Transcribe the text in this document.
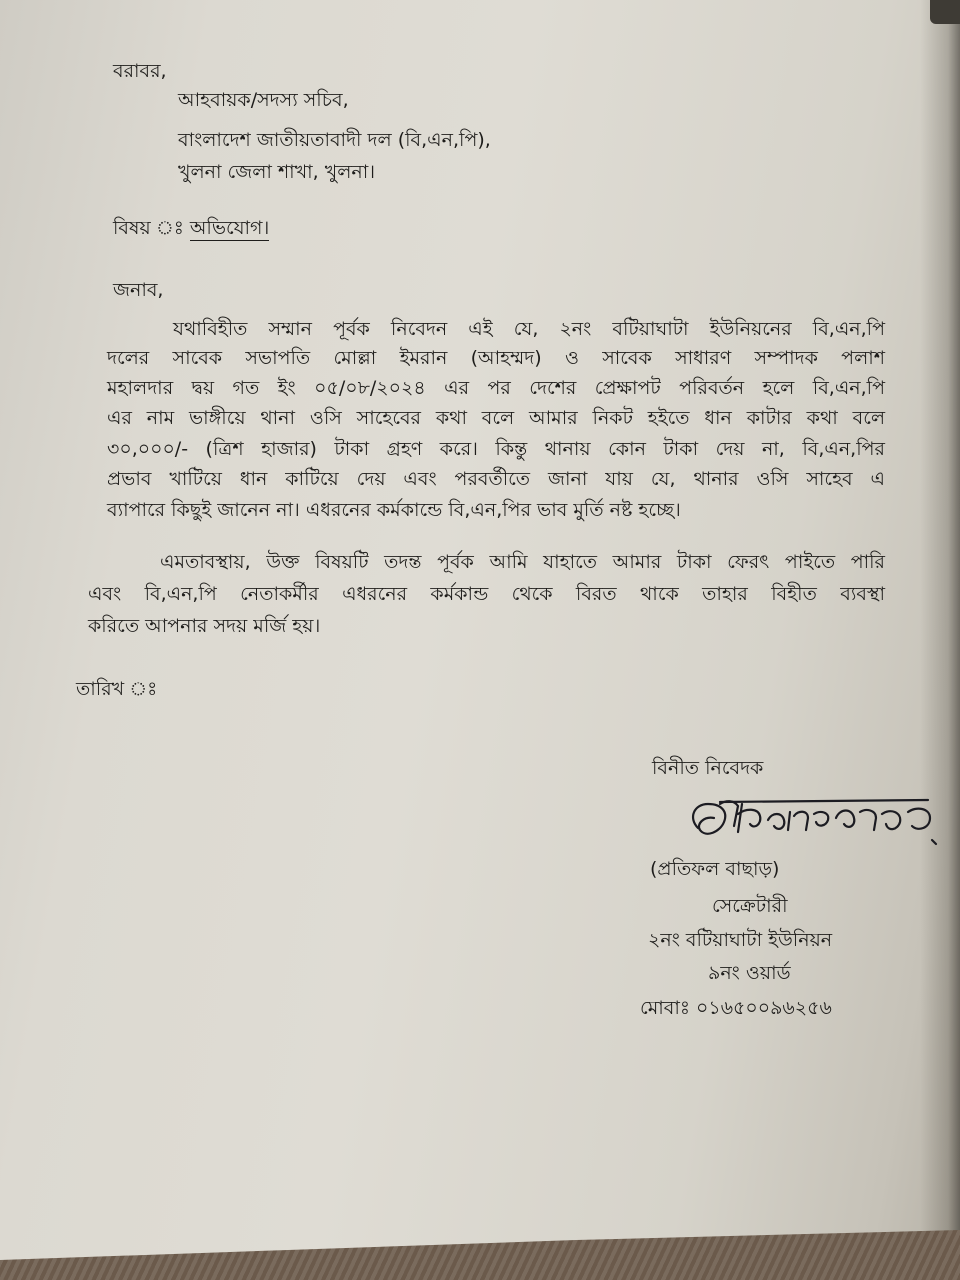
বরাবর,

আহবায়ক/সদস্য সচিব,

বাংলাদেশ জাতীয়তাবাদী দল (বি,এন,পি),

খুলনা জেলা শাখা, খুলনা।

বিষয় ঃ অভিযোগ।

জনাব,

যথাবিহীত সম্মান পূর্বক নিবেদন এই যে, ২নং বটিয়াঘাটা ইউনিয়নের বি,এন,পি

দলের সাবেক সভাপতি মোল্লা ইমরান (আহম্মদ) ও সাবেক সাধারণ সম্পাদক পলাশ

মহালদার দ্বয় গত ইং ০৫/০৮/২০২৪ এর পর দেশের প্রেক্ষাপট পরিবর্তন হলে বি,এন,পি

এর নাম ভাঙ্গীয়ে থানা ওসি সাহেবের কথা বলে আমার নিকট হইতে ধান কাটার কথা বলে

৩০,০০০/- (ত্রিশ হাজার) টাকা গ্রহণ করে। কিন্তু থানায় কোন টাকা দেয় না, বি,এন,পির

প্রভাব খাটিয়ে ধান কাটিয়ে দেয় এবং পরবর্তীতে জানা যায় যে, থানার ওসি সাহেব এ

ব্যাপারে কিছুই জানেন না। এধরনের কর্মকান্ডে বি,এন,পির ভাব মুর্তি নষ্ট হচ্ছে।

এমতাবস্থায়, উক্ত বিষয়টি তদন্ত পূর্বক আমি যাহাতে আমার টাকা ফেরৎ পাইতে পারি

এবং বি,এন,পি নেতাকর্মীর এধরনের কর্মকান্ড থেকে বিরত থাকে তাহার বিহীত ব্যবস্থা

করিতে আপনার সদয় মর্জি হয়।

তারিখ ঃ

বিনীত নিবেদক

(প্রতিফল বাছাড়)

সেক্রেটারী

২নং বটিয়াঘাটা ইউনিয়ন

৯নং ওয়ার্ড

মোবাঃ ০১৬৫০০৯৬২৫৬
